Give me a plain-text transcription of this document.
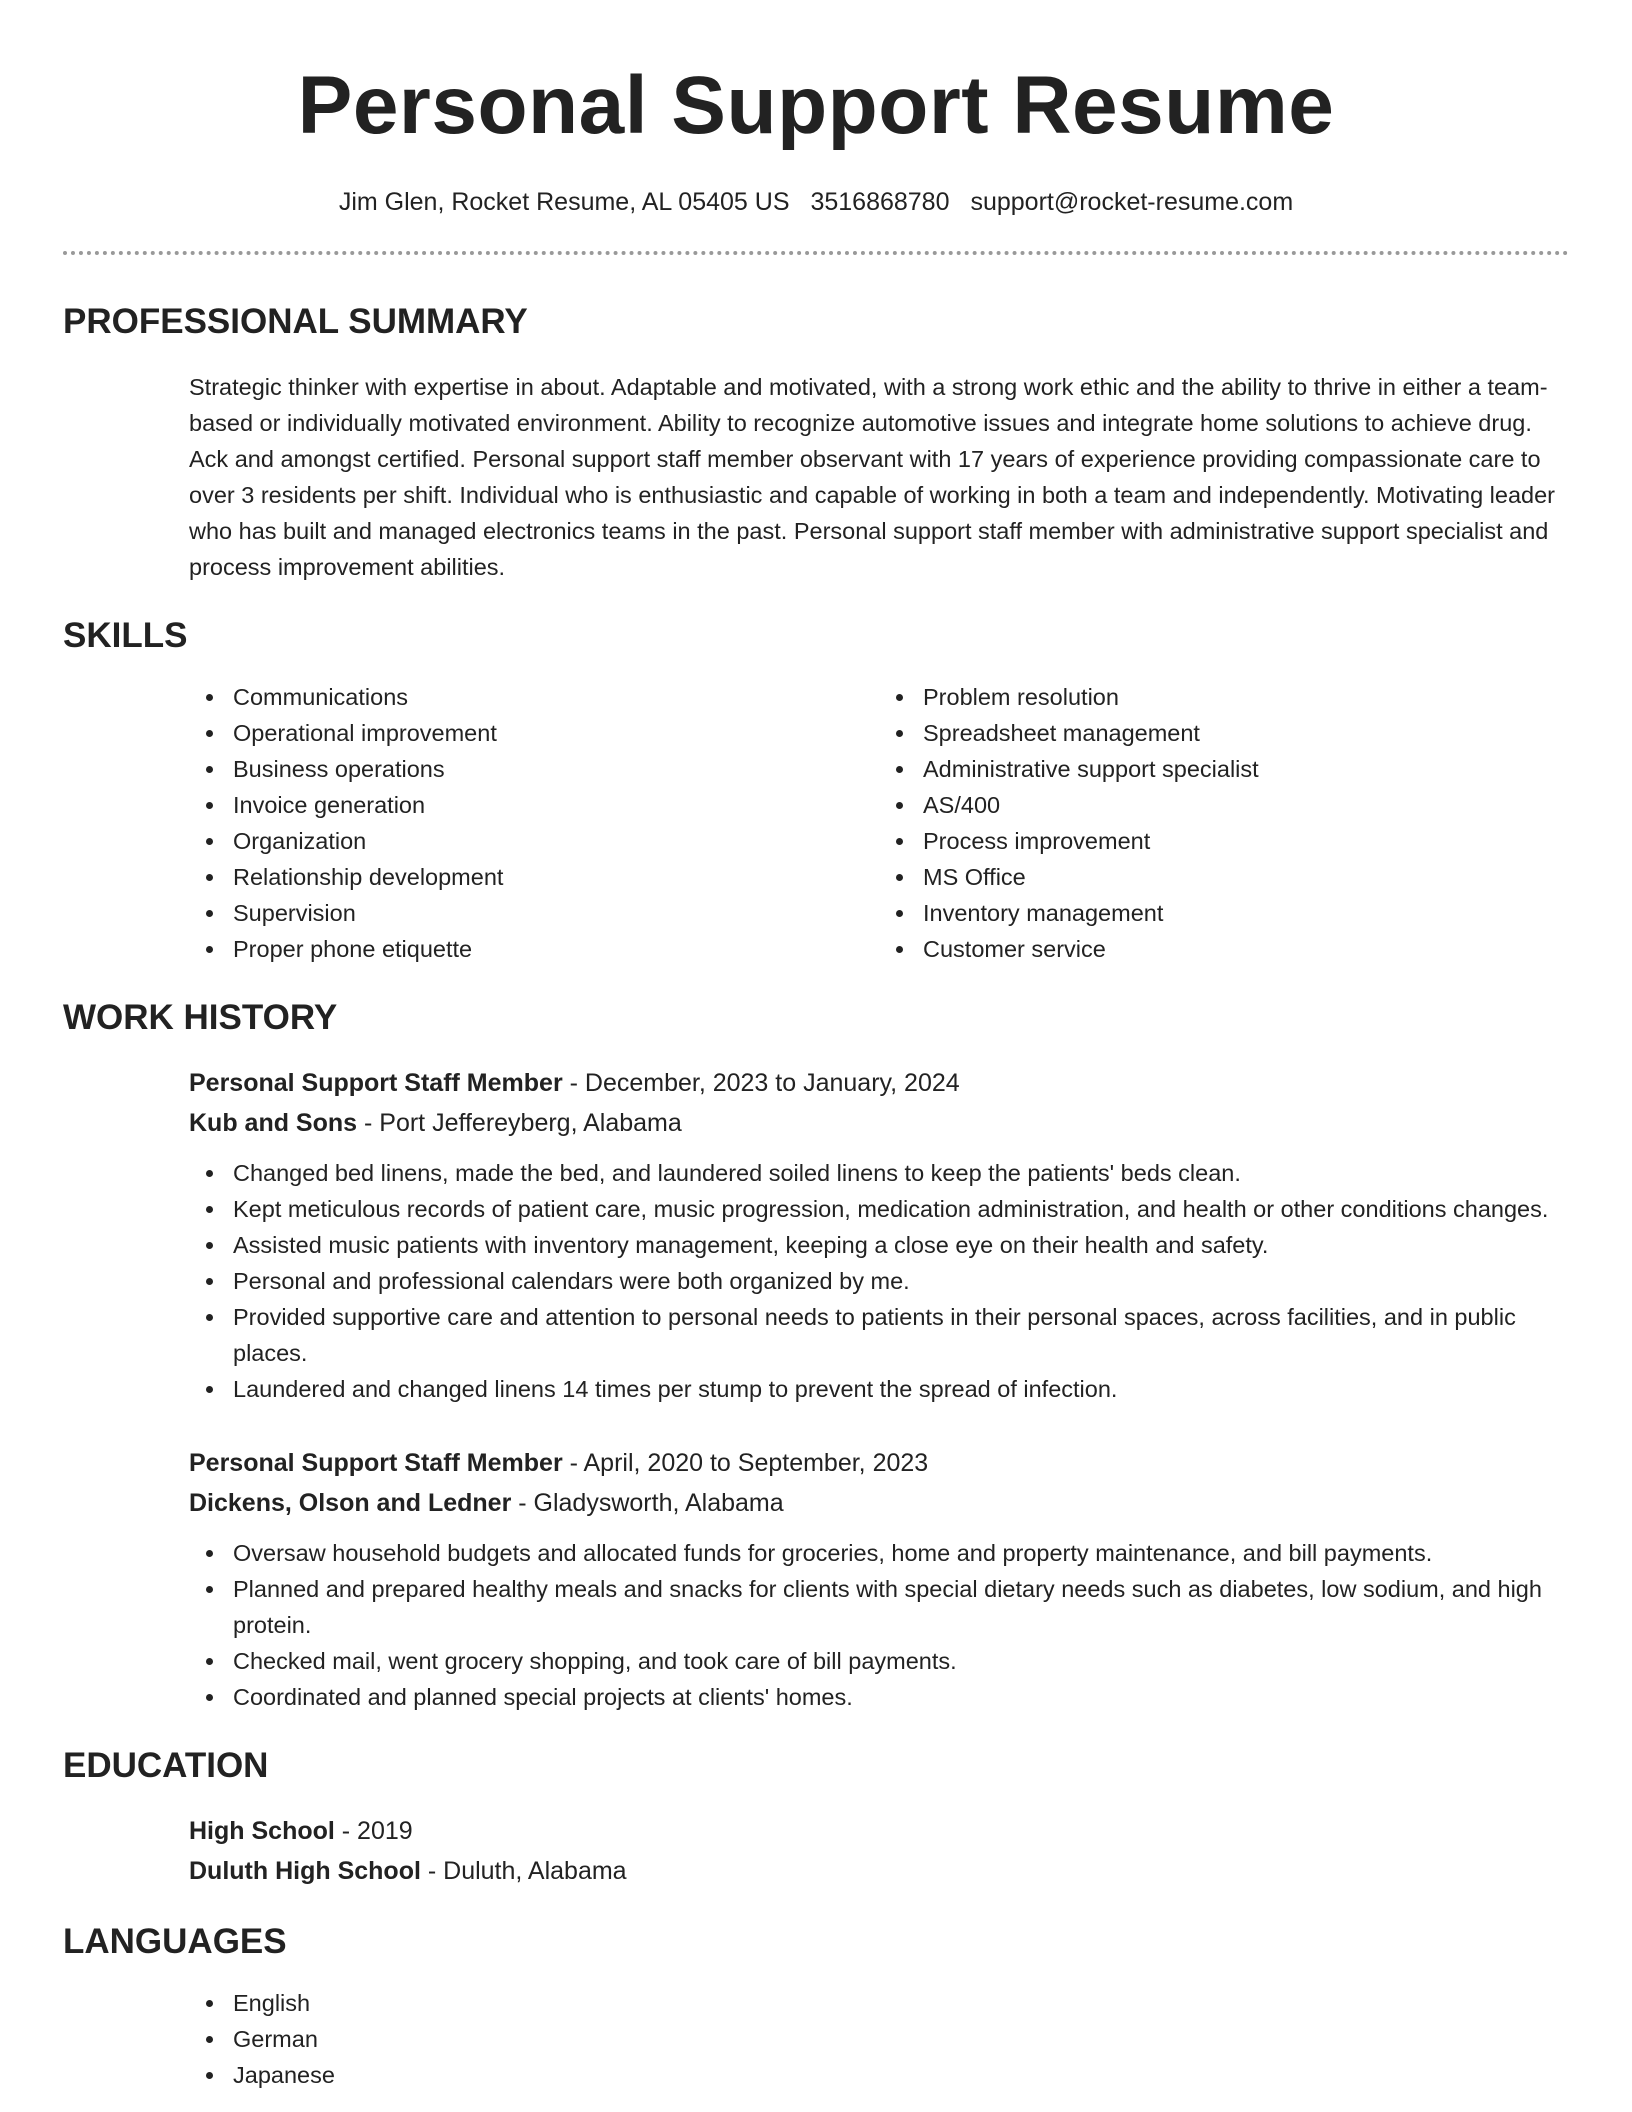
Personal Support Resume
Jim Glen, Rocket Resume, AL 05405 US 3516868780 support@rocket-resume.com
PROFESSIONAL SUMMARY

Strategic thinker with expertise in about. Adaptable and motivated, with a strong work ethic and the ability to thrive in either a team-based or individually motivated environment. Ability to recognize automotive issues and integrate home solutions to achieve drug. Ack and amongst certified. Personal support staff member observant with 17 years of experience providing compassionate care to over 3 residents per shift. Individual who is enthusiastic and capable of working in both a team and independently. Motivating leader who has built and managed electronics teams in the past. Personal support staff member with administrative support specialist and process improvement abilities.

SKILLS
Communications
Operational improvement
Business operations
Invoice generation
Organization
Relationship development
Supervision
Proper phone etiquette
Problem resolution
Spreadsheet management
Administrative support specialist
AS/400
Process improvement
MS Office
Inventory management
Customer service
WORK HISTORY
Personal Support Staff Member - December, 2023 to January, 2024
Kub and Sons - Port Jeffereyberg, Alabama
Changed bed linens, made the bed, and laundered soiled linens to keep the patients' beds clean.
Kept meticulous records of patient care, music progression, medication administration, and health or other conditions changes.
Assisted music patients with inventory management, keeping a close eye on their health and safety.
Personal and professional calendars were both organized by me.
Provided supportive care and attention to personal needs to patients in their personal spaces, across facilities, and in public places.
Laundered and changed linens 14 times per stump to prevent the spread of infection.
Personal Support Staff Member - April, 2020 to September, 2023
Dickens, Olson and Ledner - Gladysworth, Alabama
Oversaw household budgets and allocated funds for groceries, home and property maintenance, and bill payments.
Planned and prepared healthy meals and snacks for clients with special dietary needs such as diabetes, low sodium, and high protein.
Checked mail, went grocery shopping, and took care of bill payments.
Coordinated and planned special projects at clients' homes.
EDUCATION
High School - 2019
Duluth High School - Duluth, Alabama
LANGUAGES
English
German
Japanese
